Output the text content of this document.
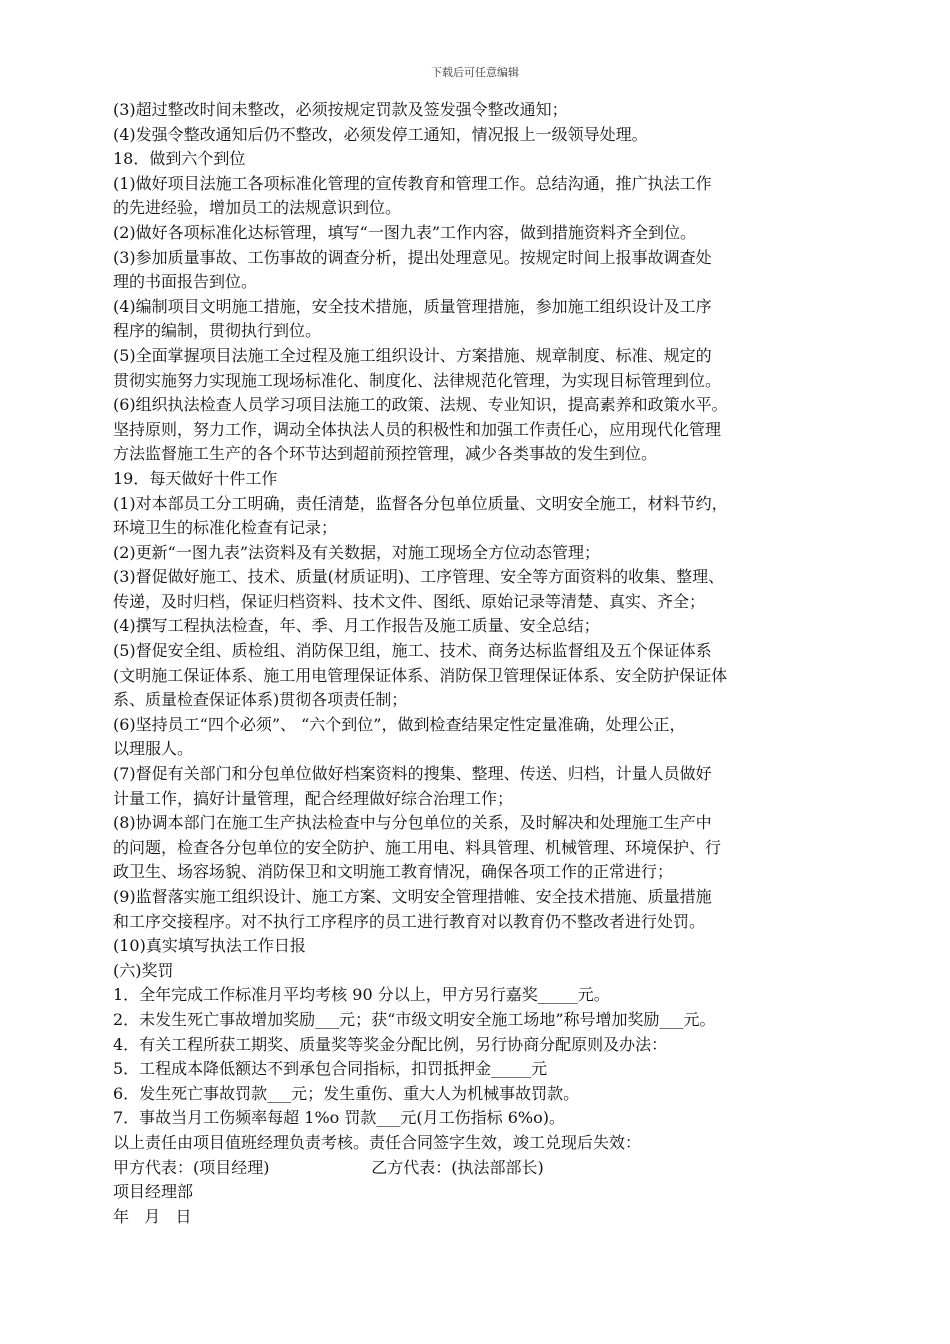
下载后可任意编辑
(3)超过整改时间未整改，必须按规定罚款及签发强令整改通知；
(4)发强令整改通知后仍不整改，必须发停工通知，情况报上一级领导处理。
18．做到六个到位
(1)做好项目法施工各项标准化管理的宣传教育和管理工作。总结沟通，推广执法工作
的先进经验，增加员工的法规意识到位。
(2)做好各项标准化达标管理，填写“一图九表”工作内容，做到措施资料齐全到位。
(3)参加质量事故、工伤事故的调查分析，提出处理意见。按规定时间上报事故调查处
理的书面报告到位。
(4)编制项目文明施工措施，安全技术措施，质量管理措施，参加施工组织设计及工序
程序的编制，贯彻执行到位。
(5)全面掌握项目法施工全过程及施工组织设计、方案措施、规章制度、标准、规定的
贯彻实施努力实现施工现场标准化、制度化、法律规范化管理，为实现目标管理到位。
(6)组织执法检查人员学习项目法施工的政策、法规、专业知识，提高素养和政策水平。
坚持原则，努力工作，调动全体执法人员的积极性和加强工作责任心，应用现代化管理
方法监督施工生产的各个环节达到超前预控管理，减少各类事故的发生到位。
19．每天做好十件工作
(1)对本部员工分工明确，责任清楚，监督各分包单位质量、文明安全施工，材料节约，
环境卫生的标准化检查有记录；
(2)更新“一图九表”法资料及有关数据，对施工现场全方位动态管理；
(3)督促做好施工、技术、质量(材质证明)、工序管理、安全等方面资料的收集、整理、
传递，及时归档，保证归档资料、技术文件、图纸、原始记录等清楚、真实、齐全；
(4)撰写工程执法检查，年、季、月工作报告及施工质量、安全总结；
(5)督促安全组、质检组、消防保卫组，施工、技术、商务达标监督组及五个保证体系
(文明施工保证体系、施工用电管理保证体系、消防保卫管理保证体系、安全防护保证体
系、质量检查保证体系)贯彻各项责任制；
(6)坚持员工“四个必须”、 “六个到位”，做到检查结果定性定量准确，处理公正，
以理服人。
(7)督促有关部门和分包单位做好档案资料的搜集、整理、传送、归档，计量人员做好
计量工作，搞好计量管理，配合经理做好综合治理工作；
(8)协调本部门在施工生产执法检查中与分包单位的关系，及时解决和处理施工生产中
的问题，检查各分包单位的安全防护、施工用电、料具管理、机械管理、环境保护、行
政卫生、场容场貌、消防保卫和文明施工教育情况，确保各项工作的正常进行；
(9)监督落实施工组织设计、施工方案、文明安全管理措帷、安全技术措施、质量措施
和工序交接程序。对不执行工序程序的员工进行教育对以教育仍不整改者进行处罚。
(10)真实填写执法工作日报
(六)奖罚
1．全年完成工作标准月平均考核 90 分以上，甲方另行嘉奖_____元。
2．未发生死亡事故增加奖励___元；获“市级文明安全施工场地”称号增加奖励___元。
4．有关工程所获工期奖、质量奖等奖金分配比例，另行协商分配原则及办法：
5．工程成本降低额达不到承包合同指标，扣罚抵押金_____元
6．发生死亡事故罚款___元；发生重伤、重大人为机械事故罚款。
7．事故当月工伤频率每超 1%o 罚款___元(月工伤指标 6%o)。
以上责任由项目值班经理负责考核。责任合同签字生效，竣工兑现后失效：
甲方代表：(项目经理)                    乙方代表：(执法部部长)
项目经理部
年   月   日
